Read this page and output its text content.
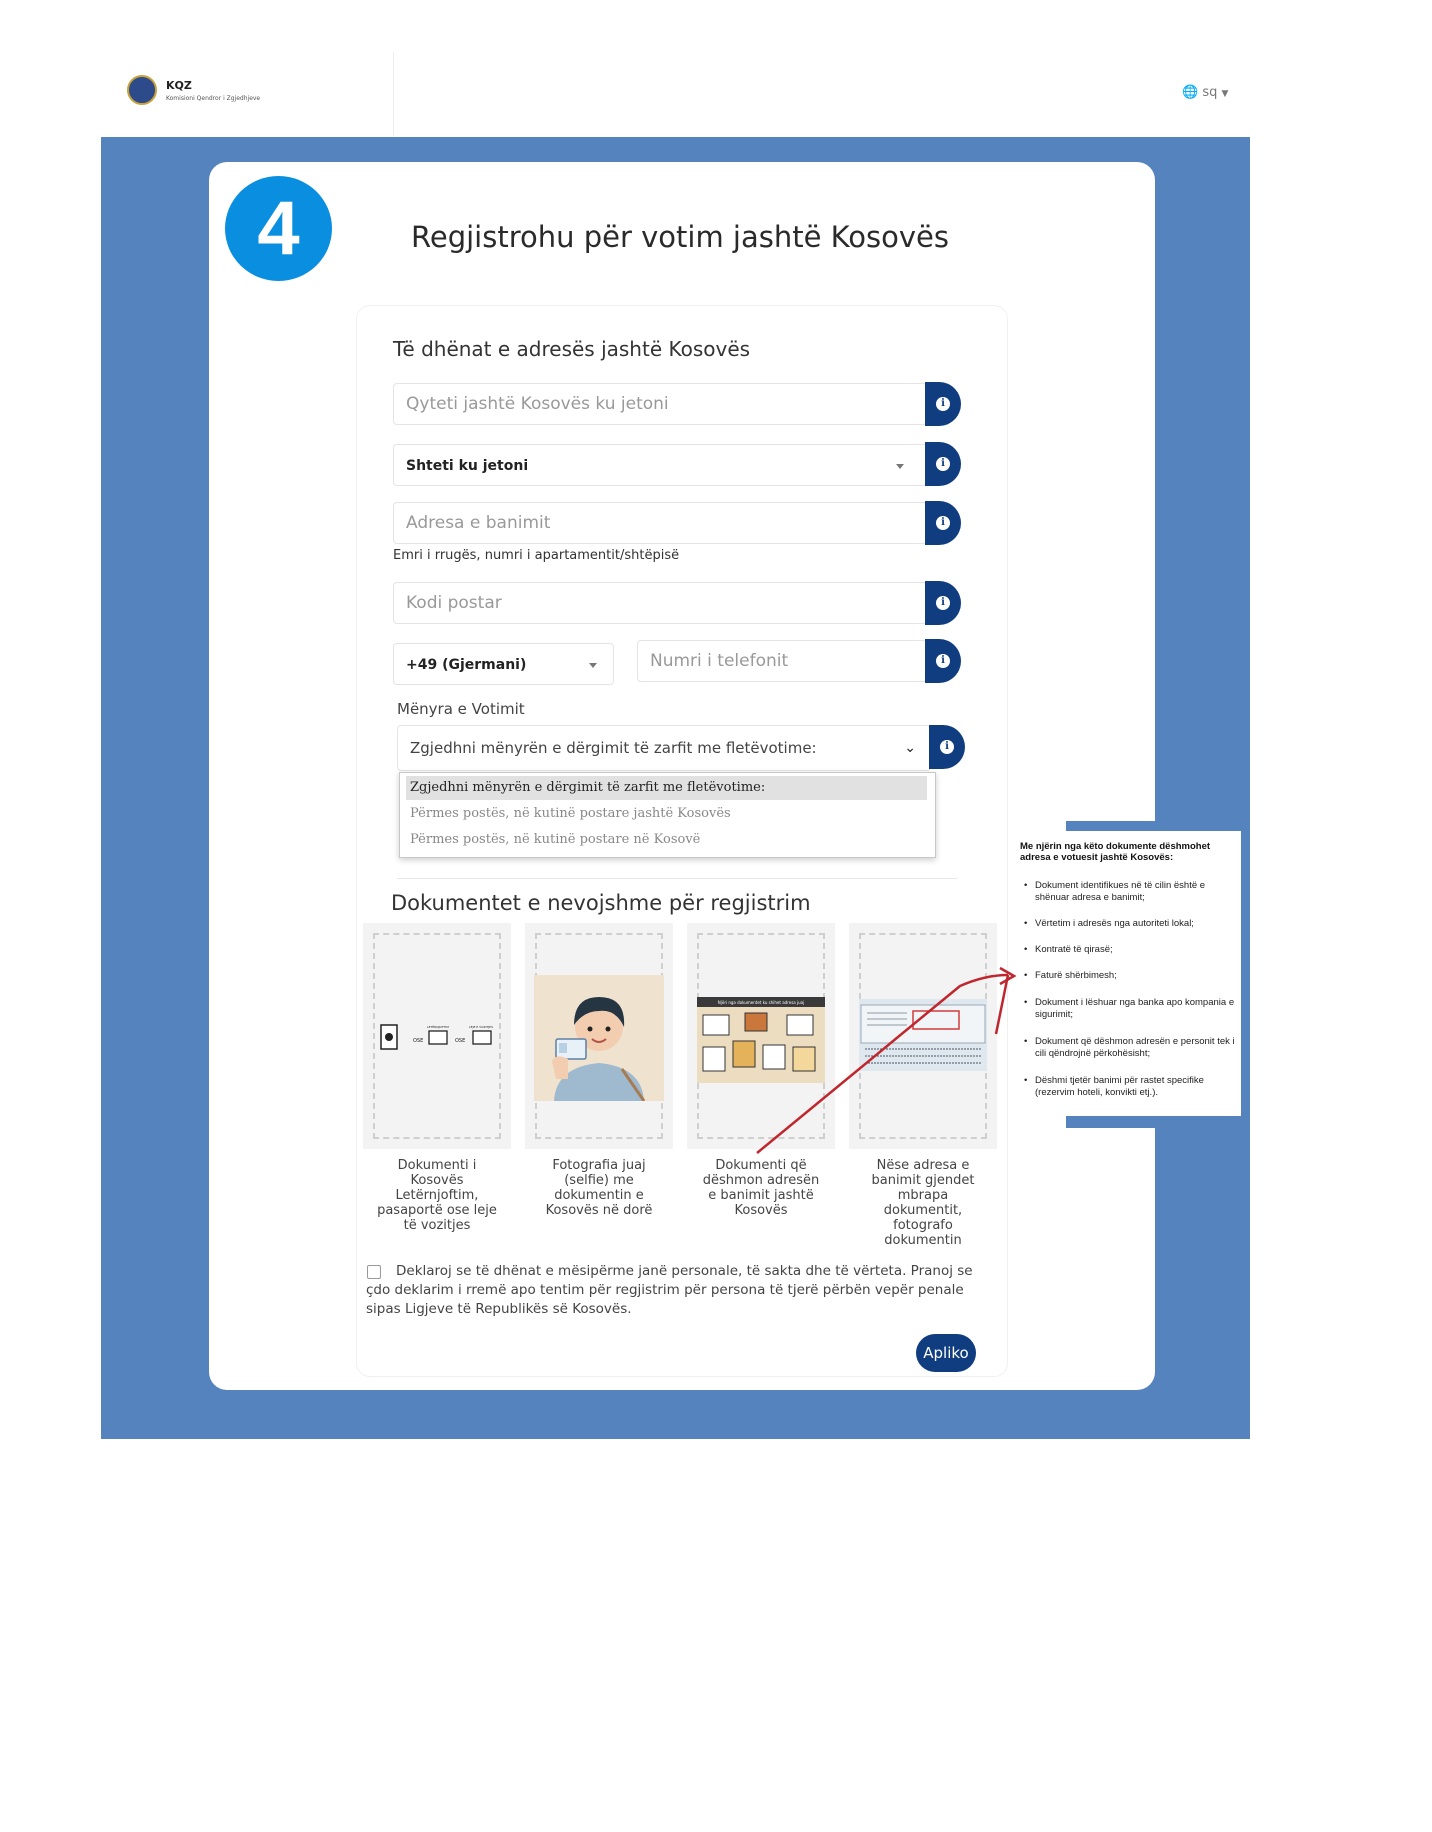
KQZ
Komisioni Qendror i Zgjedhjeve	🌐 sq ▼
4	Regjistrohu për votim jashtë Kosovës
Të dhënat e adresës jashtë Kosovës
Qyteti jashtë Kosovës ku jetoni	i
Shteti ku jetoni	i
Adresa e banimit	i
Emri i rrugës, numri i apartamentit/shtëpisë
Kodi postar	i
+49 (Gjermani)	Numri i telefonit	i
Mënyra e Votimit
Zgjedhni mënyrën e dërgimit të zarfit me fletëvotime:	⌄	i
Zgjedhni mënyrën e dërgimit të zarfit me fletëvotime:
Përmes postës, në kutinë postare jashtë Kosovës
Përmes postës, në kutinë postare në Kosovë
Dokumentet e nevojshme për regjistrim
OSE
LETËRNJOFTIM
OSE
LEJE E VOZITJES
Dokumenti i
Kosovës
Letërnjoftim,
pasaportë ose leje
të vozitjes
Fotografia juaj
(selfie) me
dokumentin e
Kosovës në dorë
Njëri nga dokumentet ku shihet adresa juaj
Dokumenti që
dëshmon adresën
e banimit jashtë
Kosovës
Nëse adresa e
banimit gjendet
mbrapa
dokumentit,
fotografo
dokumentin
Deklaroj se të dhënat e mësipërme janë personale, të sakta dhe të vërteta. Pranoj se çdo deklarim i rremë apo tentim për regjistrim për persona të tjerë përbën vepër penale sipas Ligjeve të Republikës së Kosovës.
Apliko
Me njërin nga këto dokumente dëshmohet adresa e votuesit jashtë Kosovës:
• Dokument identifikues në të cilin është e shënuar adresa e banimit;
• Vërtetim i adresës nga autoriteti lokal;
• Kontratë të qirasë;
• Faturë shërbimesh;
• Dokument i lëshuar nga banka apo kompania e sigurimit;
• Dokument që dëshmon adresën e personit tek i cili qëndrojnë përkohësisht;
• Dëshmi tjetër banimi për rastet specifike (rezervim hoteli, konvikti etj.).
